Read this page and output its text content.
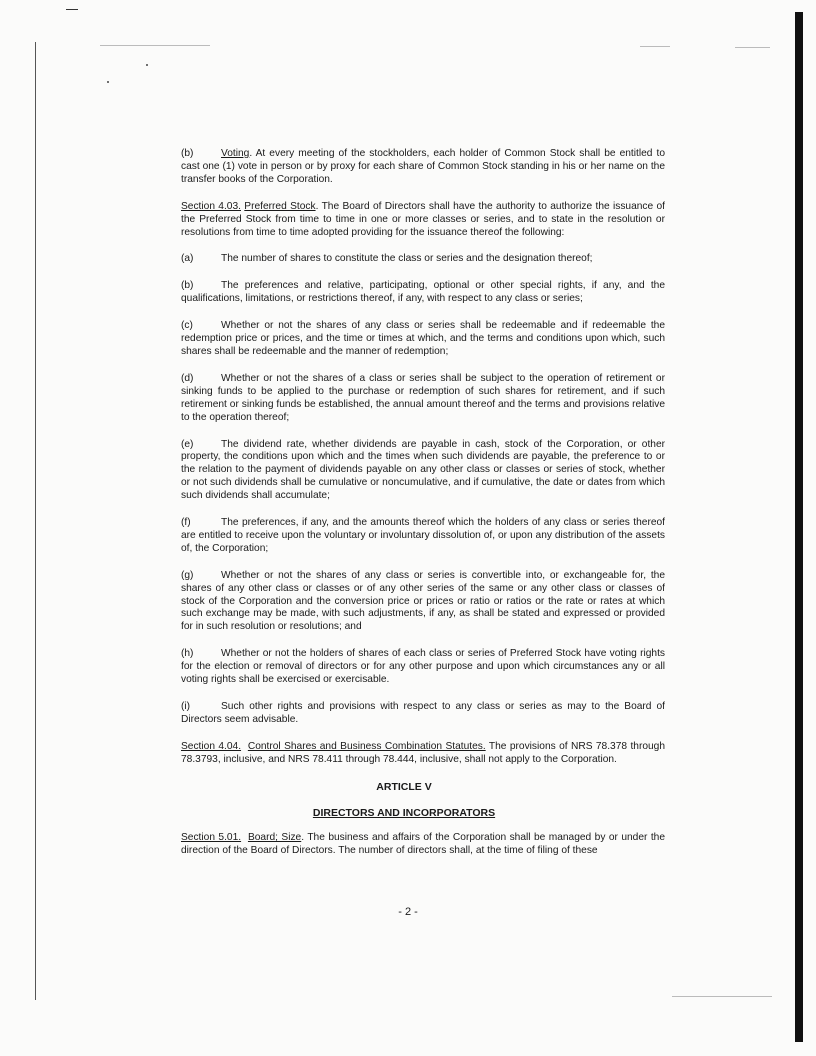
(b)	Voting. At every meeting of the stockholders, each holder of Common Stock shall be entitled to cast one (1) vote in person or by proxy for each share of Common Stock standing in his or her name on the transfer books of the Corporation.

Section 4.03. Preferred Stock. The Board of Directors shall have the authority to authorize the issuance of the Preferred Stock from time to time in one or more classes or series, and to state in the resolution or resolutions from time to time adopted providing for the issuance thereof the following:

(a)	The number of shares to constitute the class or series and the designation thereof;

(b)	The preferences and relative, participating, optional or other special rights, if any, and the qualifications, limitations, or restrictions thereof, if any, with respect to any class or series;

(c)	Whether or not the shares of any class or series shall be redeemable and if redeemable the redemption price or prices, and the time or times at which, and the terms and conditions upon which, such shares shall be redeemable and the manner of redemption;

(d)	Whether or not the shares of a class or series shall be subject to the operation of retirement or sinking funds to be applied to the purchase or redemption of such shares for retirement, and if such retirement or sinking funds be established, the annual amount thereof and the terms and provisions relative to the operation thereof;

(e)	The dividend rate, whether dividends are payable in cash, stock of the Corporation, or other property, the conditions upon which and the times when such dividends are payable, the preference to or the relation to the payment of dividends payable on any other class or classes or series of stock, whether or not such dividends shall be cumulative or noncumulative, and if cumulative, the date or dates from which such dividends shall accumulate;

(f)	The preferences, if any, and the amounts thereof which the holders of any class or series thereof are entitled to receive upon the voluntary or involuntary dissolution of, or upon any distribution of the assets of, the Corporation;

(g)	Whether or not the shares of any class or series is convertible into, or exchangeable for, the shares of any other class or classes or of any other series of the same or any other class or classes of stock of the Corporation and the conversion price or prices or ratio or ratios or the rate or rates at which such exchange may be made, with such adjustments, if any, as shall be stated and expressed or provided for in such resolution or resolutions; and

(h)	Whether or not the holders of shares of each class or series of Preferred Stock have voting rights for the election or removal of directors or for any other purpose and upon which circumstances any or all voting rights shall be exercised or exercisable.

(i)	Such other rights and provisions with respect to any class or series as may to the Board of Directors seem advisable.

Section 4.04. Control Shares and Business Combination Statutes. The provisions of NRS 78.378 through 78.3793, inclusive, and NRS 78.411 through 78.444, inclusive, shall not apply to the Corporation.

ARTICLE V

DIRECTORS AND INCORPORATORS

Section 5.01. Board; Size. The business and affairs of the Corporation shall be managed by or under the direction of the Board of Directors. The number of directors shall, at the time of filing of these

- 2 -
